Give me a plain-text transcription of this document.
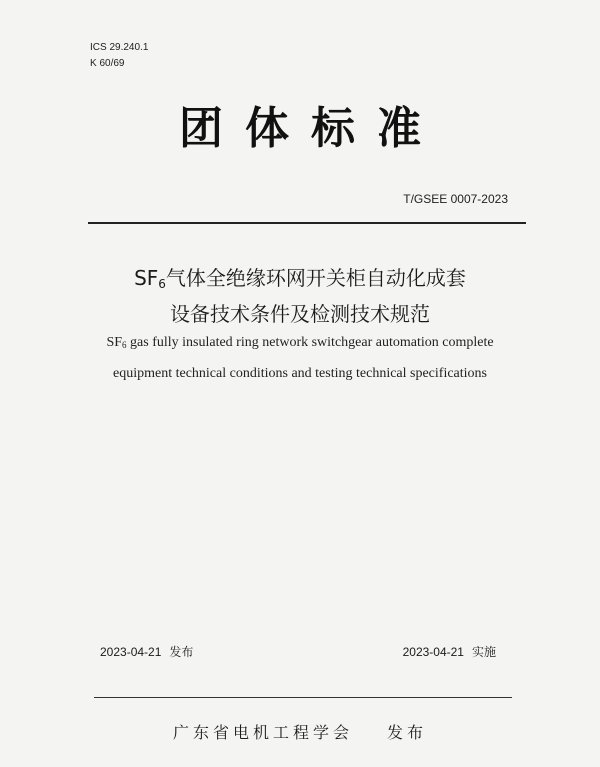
ICS 29.240.1
K 60/69
团体标准
T/GSEE 0007-2023
$SF_6$气体全绝缘环网开关柜自动化成套
设备技术条件及检测技术规范
$SF_6$ gas fully insulated ring network switchgear automation complete
equipment technical conditions and testing technical specifications
2023-04-21 发布	2023-04-21 实施
广东省电机工程学会 发布
